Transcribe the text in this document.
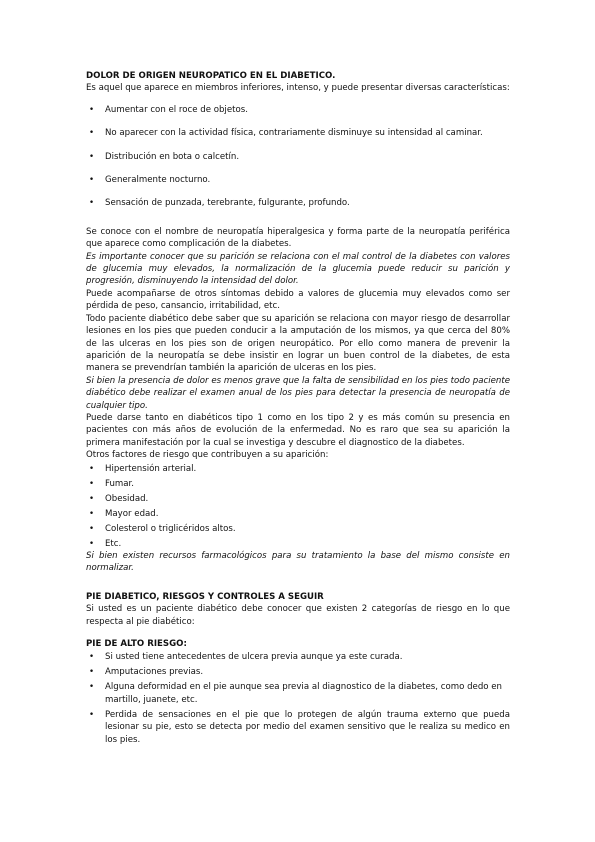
DOLOR DE ORIGEN NEUROPATICO EN EL DIABETICO.

Es aquel que aparece en miembros inferiores, intenso, y puede presentar diversas características:

• Aumentar con el roce de objetos.
• No aparecer con la actividad física, contrariamente disminuye su intensidad al caminar.
• Distribución en bota o calcetín.
• Generalmente nocturno.
• Sensación de punzada, terebrante, fulgurante, profundo.

Se conoce con el nombre de neuropatía hiperalgesica y forma parte de la neuropatía periférica que aparece como complicación de la diabetes.

Es importante conocer que su parición se relaciona con el mal control de la diabetes con valores de glucemia muy elevados, la normalización de la glucemia puede reducir su parición y progresión, disminuyendo la intensidad del dolor.

Puede acompañarse de otros síntomas debido a valores de glucemia muy elevados como ser pérdida de peso, cansancio, irritabilidad, etc.

Todo paciente diabético debe saber que su aparición se relaciona con mayor riesgo de desarrollar lesiones en los pies que pueden conducir a la amputación de los mismos, ya que cerca del 80% de las ulceras en los pies son de origen neuropático. Por ello como manera de prevenir la aparición de la neuropatía se debe insistir en lograr un buen control de la diabetes, de esta manera se prevendrían también la aparición de ulceras en los pies.

Si bien la presencia de dolor es menos grave que la falta de sensibilidad en los pies todo paciente diabético debe realizar el examen anual de los pies para detectar la presencia de neuropatía de cualquier tipo.

Puede darse tanto en diabéticos tipo 1 como en los tipo 2 y es más común su presencia en pacientes con más años de evolución de la enfermedad. No es raro que sea su aparición la primera manifestación por la cual se investiga y descubre el diagnostico de la diabetes.

Otros factores de riesgo que contribuyen a su aparición:

• Hipertensión arterial.
• Fumar.
• Obesidad.
• Mayor edad.
• Colesterol o triglicéridos altos.
• Etc.

Si bien existen recursos farmacológicos para su tratamiento la base del mismo consiste en normalizar.

PIE DIABETICO, RIESGOS Y CONTROLES A SEGUIR

Si usted es un paciente diabético debe conocer que existen 2 categorías de riesgo en lo que respecta al pie diabético:

PIE DE ALTO RIESGO:
• Si usted tiene antecedentes de ulcera previa aunque ya este curada.
• Amputaciones previas.
• Alguna deformidad en el pie aunque sea previa al diagnostico de la diabetes, como dedo en martillo, juanete, etc.
• Perdida de sensaciones en el pie que lo protegen de algún trauma externo que pueda lesionar su pie, esto se detecta por medio del examen sensitivo que le realiza su medico en los pies.
